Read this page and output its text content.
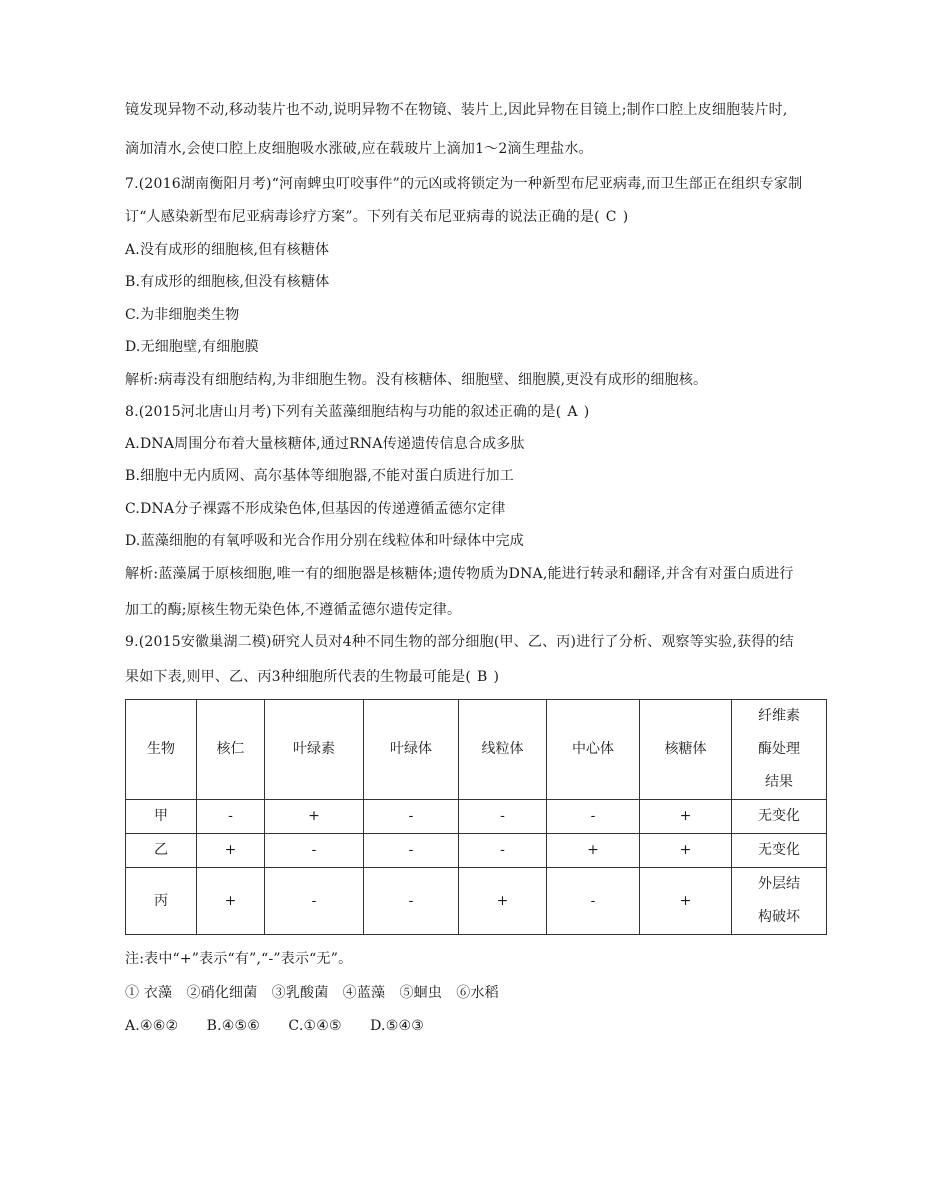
镜发现异物不动,移动装片也不动,说明异物不在物镜、装片上,因此异物在目镜上;制作口腔上皮细胞装片时,
滴加清水,会使口腔上皮细胞吸水涨破,应在载玻片上滴加1～2滴生理盐水。
7.(2016湖南衡阳月考)“河南蜱虫叮咬事件”的元凶或将锁定为一种新型布尼亚病毒,而卫生部正在组织专家制
订“人感染新型布尼亚病毒诊疗方案”。下列有关布尼亚病毒的说法正确的是( C )
A.没有成形的细胞核,但有核糖体
B.有成形的细胞核,但没有核糖体
C.为非细胞类生物
D.无细胞壁,有细胞膜
解析:病毒没有细胞结构,为非细胞生物。没有核糖体、细胞壁、细胞膜,更没有成形的细胞核。
8.(2015河北唐山月考)下列有关蓝藻细胞结构与功能的叙述正确的是( A )
A.DNA周围分布着大量核糖体,通过RNA传递遗传信息合成多肽
B.细胞中无内质网、高尔基体等细胞器,不能对蛋白质进行加工
C.DNA分子裸露不形成染色体,但基因的传递遵循孟德尔定律
D.蓝藻细胞的有氧呼吸和光合作用分别在线粒体和叶绿体中完成
解析:蓝藻属于原核细胞,唯一有的细胞器是核糖体;遗传物质为DNA,能进行转录和翻译,并含有对蛋白质进行
加工的酶;原核生物无染色体,不遵循孟德尔遗传定律。
9.(2015安徽巢湖二模)研究人员对4种不同生物的部分细胞(甲、乙、丙)进行了分析、观察等实验,获得的结
果如下表,则甲、乙、丙3种细胞所代表的生物最可能是( B )
生物	核仁	叶绿素	叶绿体	线粒体	中心体	核糖体	纤维素
酶处理
结果

甲	-	+	-	-	-	+	无变化
乙	+	-	-	-	+	+	无变化
丙	+	-	-	+	-	+	外层结
构破坏
注:表中“+”表示“有”,“-”表示“无”。
① 衣藻　②硝化细菌　③乳酸菌　④蓝藻　⑤蛔虫　⑥水稻
A.④⑥②　　B.④⑤⑥　　C.①④⑤　　D.⑤④③
